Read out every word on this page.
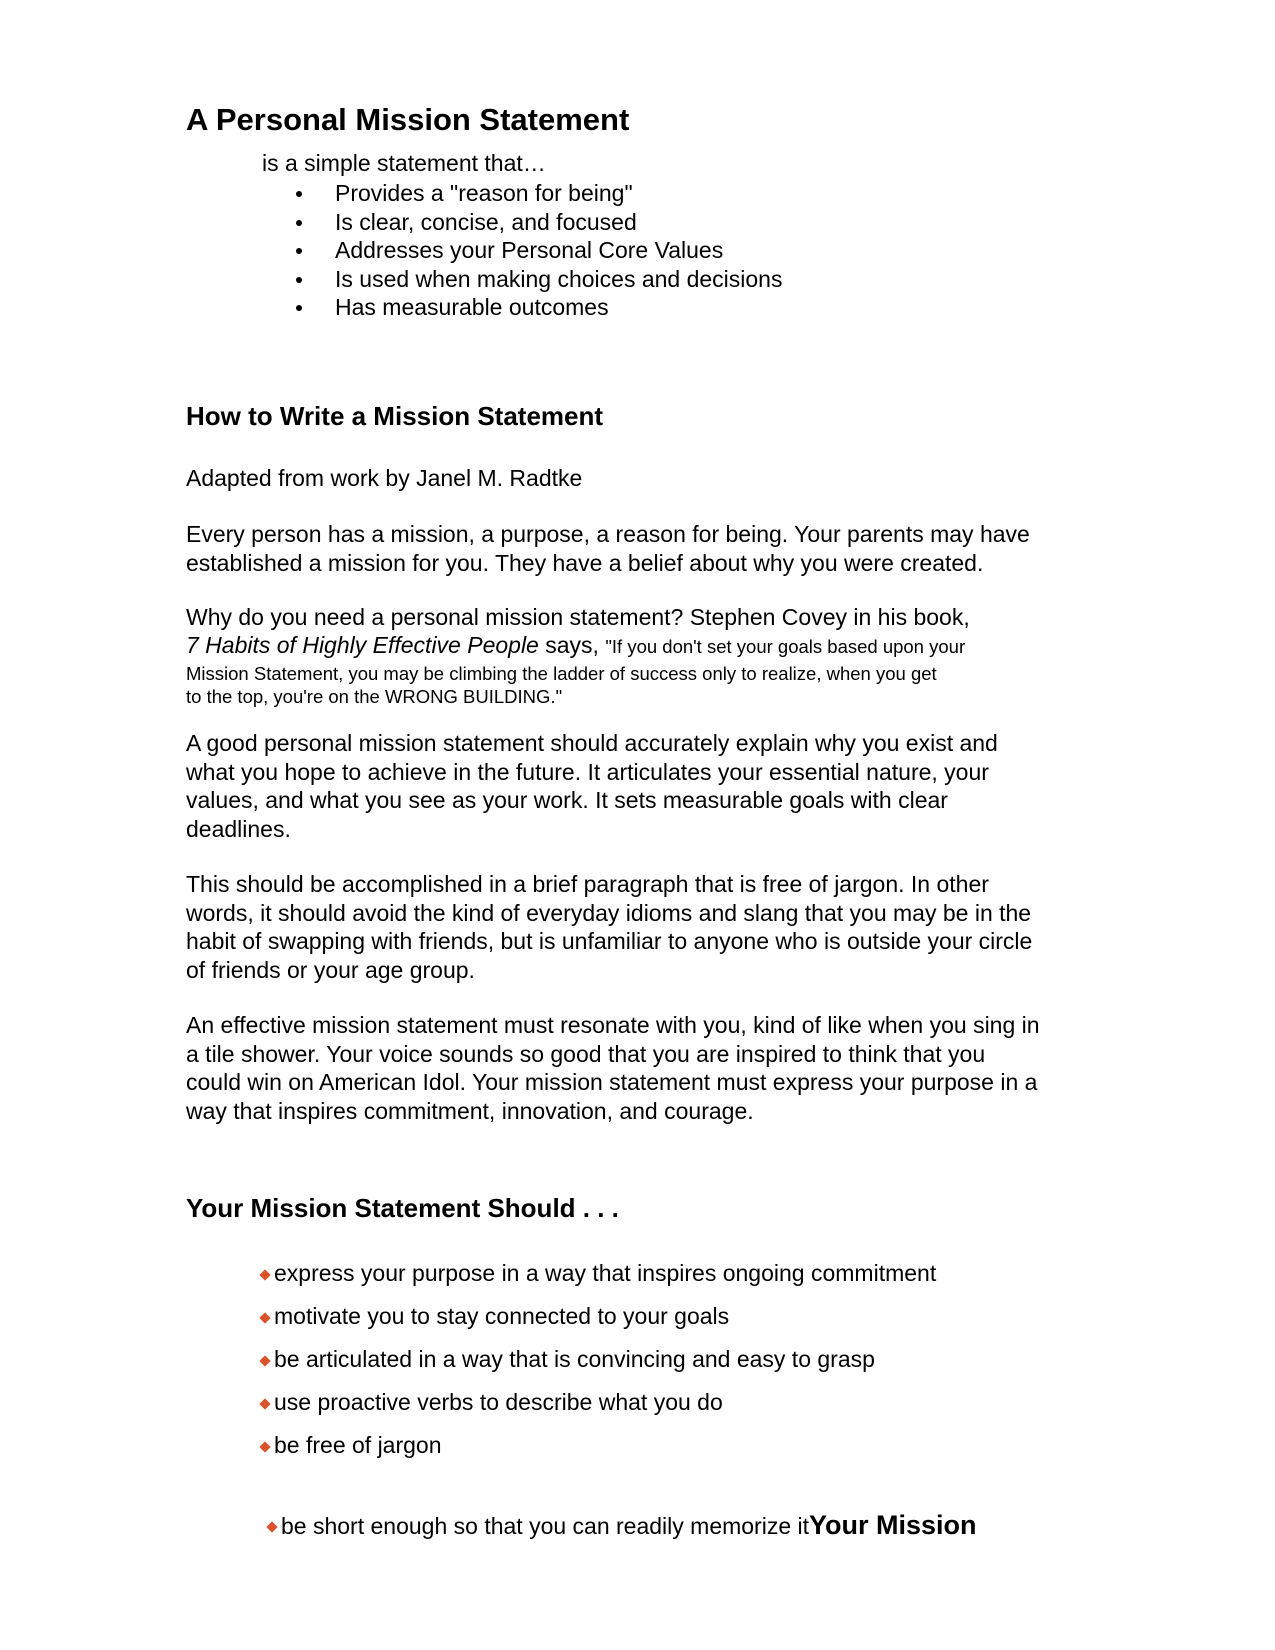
A Personal Mission Statement
is a simple statement that…
Provides a "reason for being"
Is clear, concise, and focused
Addresses your Personal Core Values
Is used when making choices and decisions
Has measurable outcomes
How to Write a Mission Statement
Adapted from work by Janel M. Radtke
Every person has a mission, a purpose, a reason for being. Your parents may have
established a mission for you. They have a belief about why you were created.
Why do you need a personal mission statement? Stephen Covey in his book,
7 Habits of Highly Effective People says, "If you don't set your goals based upon your
Mission Statement, you may be climbing the ladder of success only to realize, when you get
to the top, you're on the WRONG BUILDING."
A good personal mission statement should accurately explain why you exist and
what you hope to achieve in the future. It articulates your essential nature, your
values, and what you see as your work. It sets measurable goals with clear
deadlines.
This should be accomplished in a brief paragraph that is free of jargon. In other
words, it should avoid the kind of everyday idioms and slang that you may be in the
habit of swapping with friends, but is unfamiliar to anyone who is outside your circle
of friends or your age group.
An effective mission statement must resonate with you, kind of like when you sing in
a tile shower. Your voice sounds so good that you are inspired to think that you
could win on American Idol. Your mission statement must express your purpose in a
way that inspires commitment, innovation, and courage.
Your Mission Statement Should . . .
express your purpose in a way that inspires ongoing commitment
motivate you to stay connected to your goals
be articulated in a way that is convincing and easy to grasp
use proactive verbs to describe what you do
be free of jargon
be short enough so that you can readily memorize itYour Mission
